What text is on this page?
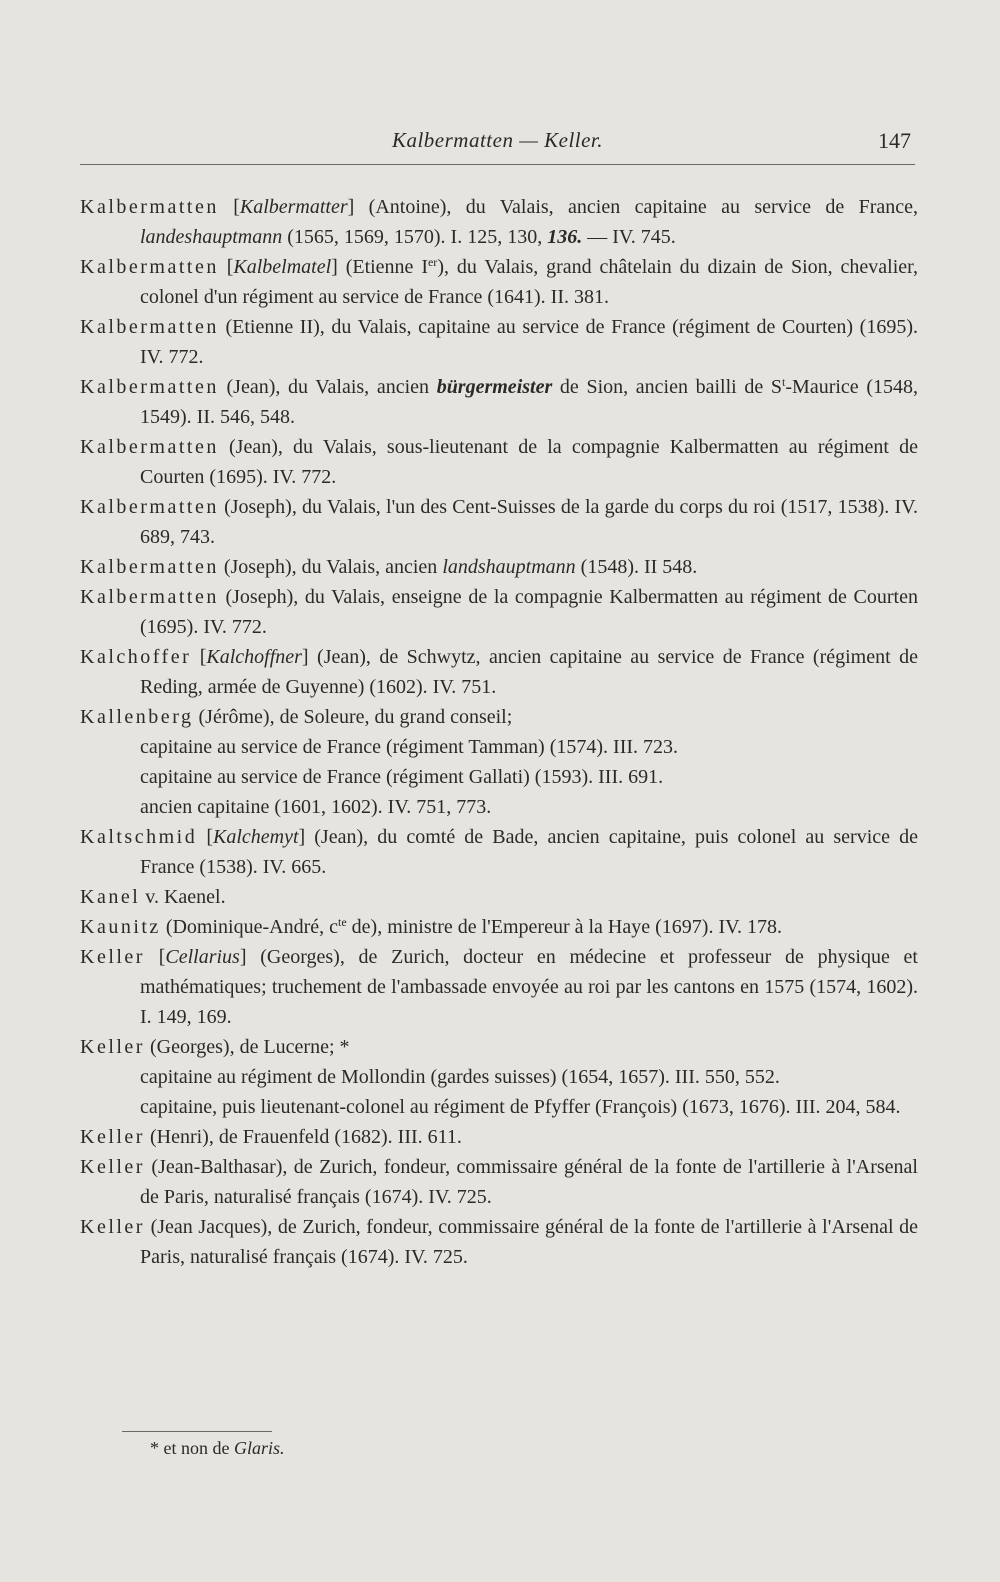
Kalbermatten — Keller.	147

Kalbermatten [Kalbermatter] (Antoine), du Valais, ancien capitaine au service de France, landeshauptmann (1565, 1569, 1570). I. 125, 130, 136. — IV. 745.

Kalbermatten [Kalbelmatel] (Etienne Ier), du Valais, grand châtelain du dizain de Sion, chevalier, colonel d'un régiment au service de France (1641). II. 381.

Kalbermatten (Etienne II), du Valais, capitaine au service de France (régiment de Courten) (1695). IV. 772.

Kalbermatten (Jean), du Valais, ancien bürgermeister de Sion, ancien bailli de $S^t$-Maurice (1548, 1549). II. 546, 548.

Kalbermatten (Jean), du Valais, sous-lieutenant de la compagnie Kalbermatten au régiment de Courten (1695). IV. 772.

Kalbermatten (Joseph), du Valais, l'un des Cent-Suisses de la garde du corps du roi (1517, 1538). IV. 689, 743.

Kalbermatten (Joseph), du Valais, ancien landshauptmann (1548). II 548.

Kalbermatten (Joseph), du Valais, enseigne de la compagnie Kalbermatten au régiment de Courten (1695). IV. 772.

Kalchoffer [Kalchoffner] (Jean), de Schwytz, ancien capitaine au service de France (régiment de Reding, armée de Guyenne) (1602). IV. 751.

Kallenberg (Jérôme), de Soleure, du grand conseil;

capitaine au service de France (régiment Tamman) (1574). III. 723.

capitaine au service de France (régiment Gallati) (1593). III. 691.

ancien capitaine (1601, 1602). IV. 751, 773.

Kaltschmid [Kalchemyt] (Jean), du comté de Bade, ancien capitaine, puis colonel au service de France (1538). IV. 665.

Kanel v. Kaenel.

Kaunitz (Dominique-André, $c^{te}$ de), ministre de l'Empereur à la Haye (1697). IV. 178.

Keller [Cellarius] (Georges), de Zurich, docteur en médecine et professeur de physique et mathématiques; truchement de l'ambassade envoyée au roi par les cantons en 1575 (1574, 1602). I. 149, 169.

Keller (Georges), de Lucerne; *

capitaine au régiment de Mollondin (gardes suisses) (1654, 1657). III. 550, 552.

capitaine, puis lieutenant-colonel au régiment de Pfyffer (François) (1673, 1676). III. 204, 584.

Keller (Henri), de Frauenfeld (1682). III. 611.

Keller (Jean-Balthasar), de Zurich, fondeur, commissaire général de la fonte de l'artillerie à l'Arsenal de Paris, naturalisé français (1674). IV. 725.

Keller (Jean Jacques), de Zurich, fondeur, commissaire général de la fonte de l'artillerie à l'Arsenal de Paris, naturalisé français (1674). IV. 725.

* et non de Glaris.
